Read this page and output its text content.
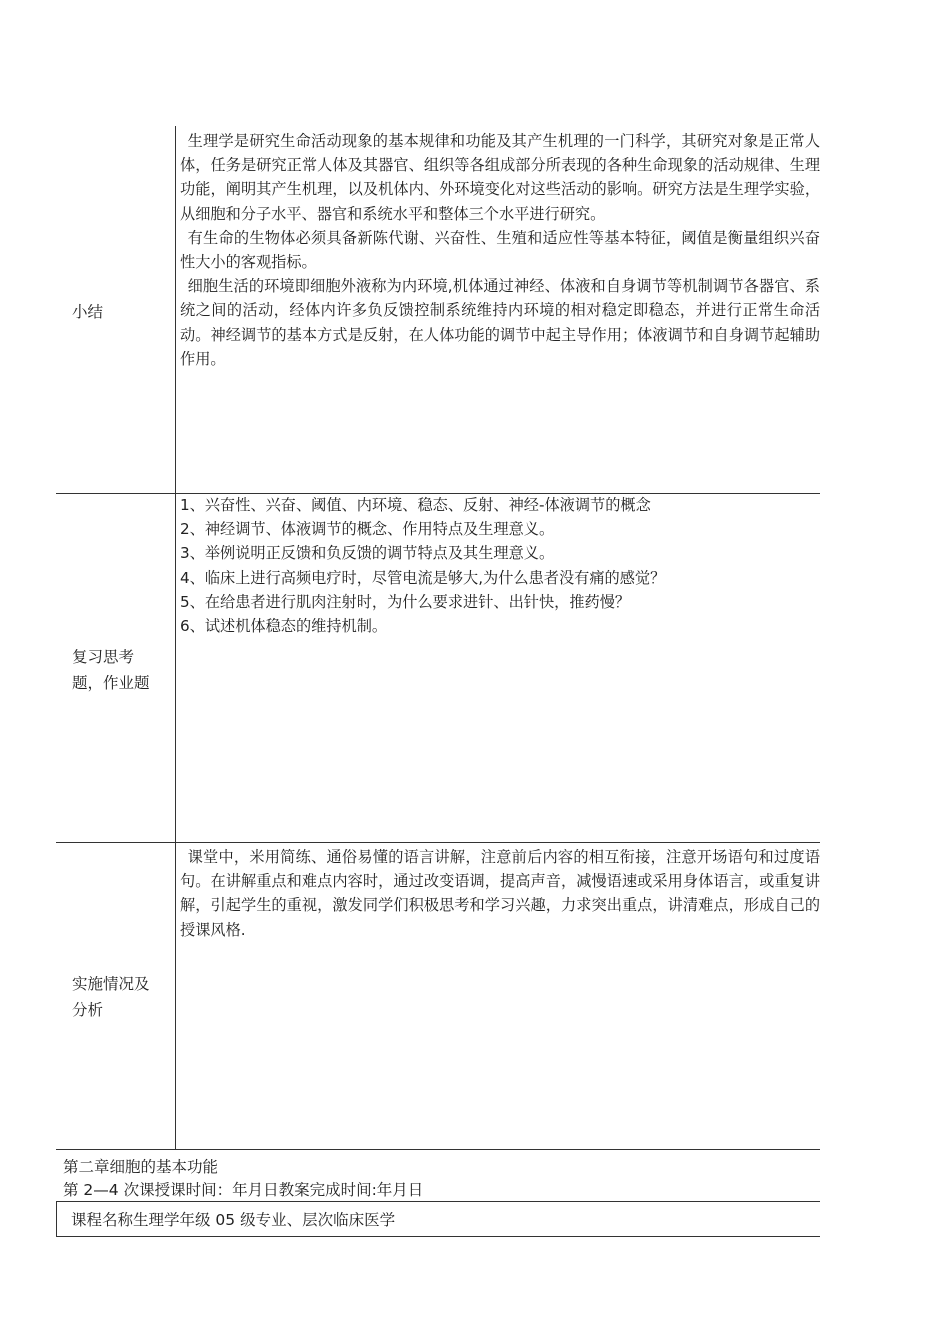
小结

生理学是研究生命活动现象的基本规律和功能及其产生机理的一门科学，其研究对象是正常人体，任务是研究正常人体及其器官、组织等各组成部分所表现的各种生命现象的活动规律、生理功能，阐明其产生机理，以及机体内、外环境变化对这些活动的影响。研究方法是生理学实验，从细胞和分子水平、器官和系统水平和整体三个水平进行研究。

有生命的生物体必须具备新陈代谢、兴奋性、生殖和适应性等基本特征，阈值是衡量组织兴奋性大小的客观指标。

细胞生活的环境即细胞外液称为内环境,机体通过神经、体液和自身调节等机制调节各器官、系统之间的活动，经体内许多负反馈控制系统维持内环境的相对稳定即稳态，并进行正常生命活动。神经调节的基本方式是反射，在人体功能的调节中起主导作用；体液调节和自身调节起辅助作用。

复习思考
题，作业题
1、兴奋性、兴奋、阈值、内环境、稳态、反射、神经-体液调节的概念
2、神经调节、体液调节的概念、作用特点及生理意义。
3、举例说明正反馈和负反馈的调节特点及其生理意义。
4、临床上进行高频电疗时，尽管电流是够大,为什么患者没有痛的感觉？
5、在给患者进行肌肉注射时，为什么要求进针、出针快，推药慢？
6、试述机体稳态的维持机制。
实施情况及
分析

课堂中，米用简练、通俗易懂的语言讲解，注意前后内容的相互衔接，注意开场语句和过度语句。在讲解重点和难点内容时，通过改变语调，提高声音，减慢语速或采用身体语言，或重复讲解，引起学生的重视，激发同学们积极思考和学习兴趣，力求突出重点，讲清难点，形成自己的授课风格.

第二章细胞的基本功能
第 2—4 次课授课时间：年月日教案完成时间:年月日
课程名称生理学年级 05 级专业、层次临床医学
